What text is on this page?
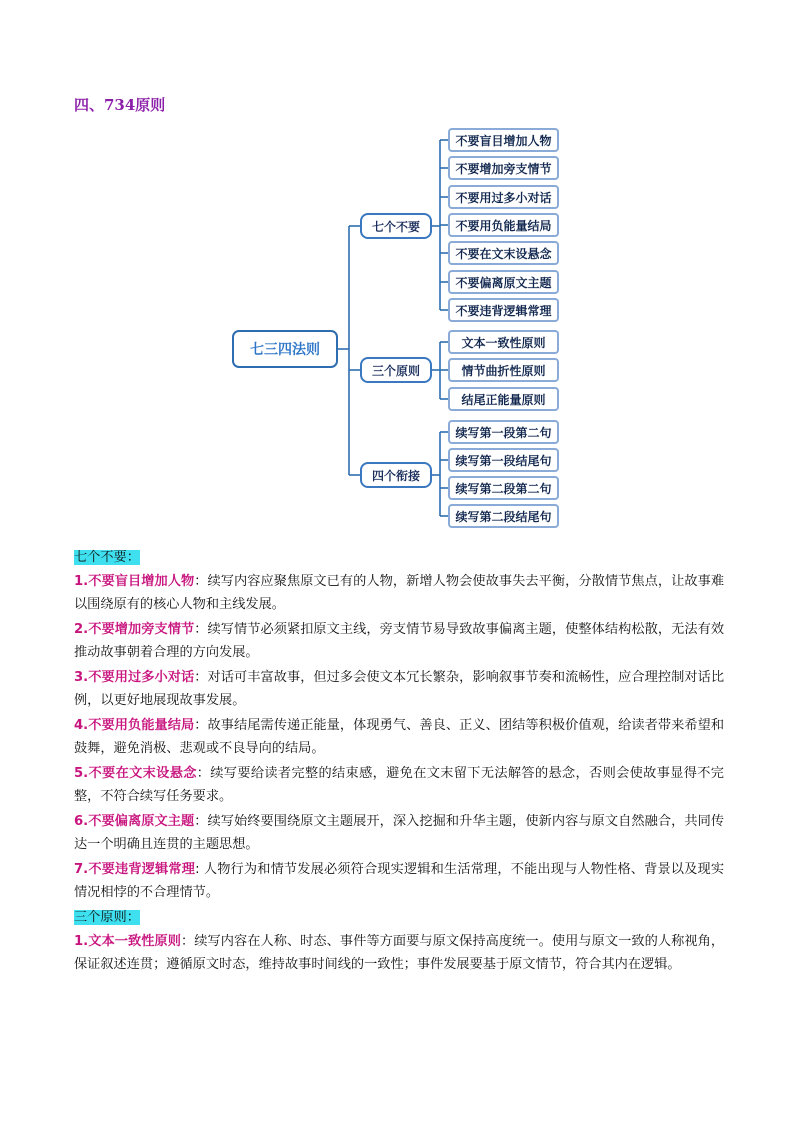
四、734原则
七三四法则
七个不要
三个原则
四个衔接
不要盲目增加人物
不要增加旁支情节
不要用过多小对话
不要用负能量结局
不要在文末设悬念
不要偏离原文主题
不要违背逻辑常理
文本一致性原则
情节曲折性原则
结尾正能量原则
续写第一段第二句
续写第一段结尾句
续写第二段第二句
续写第二段结尾句
七个不要：
1.不要盲目增加人物：续写内容应聚焦原文已有的人物，新增人物会使故事失去平衡，分散情节焦点，让故事难以围绕原有的核心人物和主线发展。
2.不要增加旁支情节：续写情节必须紧扣原文主线，旁支情节易导致故事偏离主题，使整体结构松散，无法有效推动故事朝着合理的方向发展。
3.不要用过多小对话：对话可丰富故事，但过多会使文本冗长繁杂，影响叙事节奏和流畅性，应合理控制对话比例，以更好地展现故事发展。
4.不要用负能量结局：故事结尾需传递正能量，体现勇气、善良、正义、团结等积极价值观，给读者带来希望和鼓舞，避免消极、悲观或不良导向的结局。
5.不要在文末设悬念：续写要给读者完整的结束感，避免在文末留下无法解答的悬念，否则会使故事显得不完整，不符合续写任务要求。
6.不要偏离原文主题：续写始终要围绕原文主题展开，深入挖掘和升华主题，使新内容与原文自然融合，共同传达一个明确且连贯的主题思想。
7.不要违背逻辑常理: 人物行为和情节发展必须符合现实逻辑和生活常理，不能出现与人物性格、背景以及现实情况相悖的不合理情节。
三个原则：
1.文本一致性原则：续写内容在人称、时态、事件等方面要与原文保持高度统一。使用与原文一致的人称视角，保证叙述连贯；遵循原文时态，维持故事时间线的一致性；事件发展要基于原文情节，符合其内在逻辑。
